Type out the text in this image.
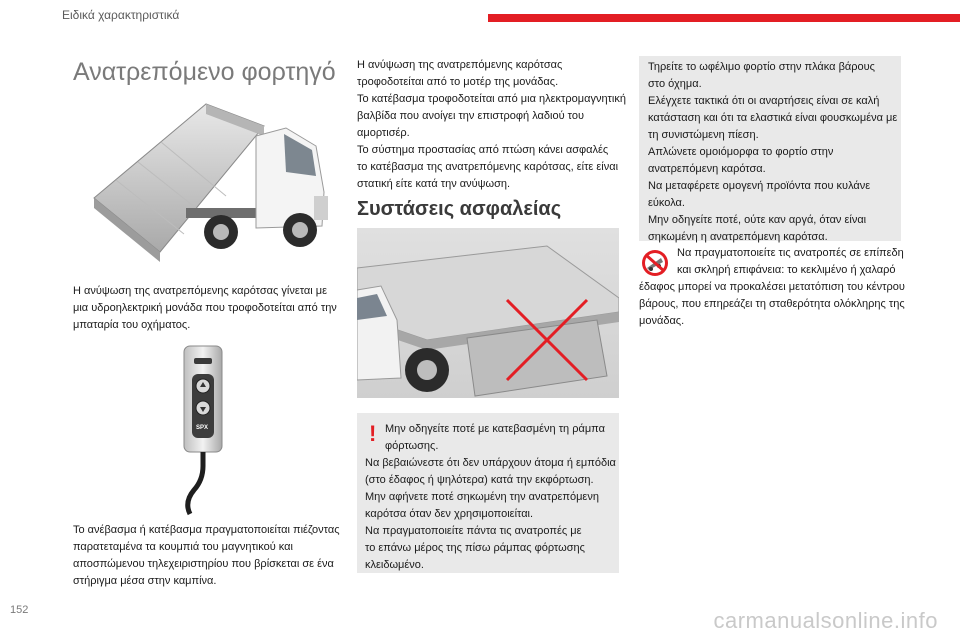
Ειδικά χαρακτηριστικά
Ανατρεπόμενο φορτηγό
Η ανύψωση της ανατρεπόμενης καρότσας γίνεται με
μια υδροηλεκτρική μονάδα που τροφοδοτείται από την
μπαταρία του οχήματος.
SPX
Το ανέβασμα ή κατέβασμα πραγματοποιείται πιέζοντας
παρατεταμένα τα κουμπιά του μαγνητικού και
αποσπώμενου τηλεχειριστηρίου που βρίσκεται σε ένα
στήριγμα μέσα στην καμπίνα.
Η ανύψωση της ανατρεπόμενης καρότσας
τροφοδοτείται από το μοτέρ της μονάδας.
Το κατέβασμα τροφοδοτείται από μια ηλεκτρομαγνητική
βαλβίδα που ανοίγει την επιστροφή λαδιού του
αμορτισέρ.
Το σύστημα προστασίας από πτώση κάνει ασφαλές
το κατέβασμα της ανατρεπόμενης καρότσας, είτε είναι
στατική είτε κατά την ανύψωση.
Συστάσεις ασφαλείας
! Μην οδηγείτε ποτέ με κατεβασμένη τη ράμπα
φόρτωσης.
Να βεβαιώνεστε ότι δεν υπάρχουν άτομα ή εμπόδια
(στο έδαφος ή ψηλότερα) κατά την εκφόρτωση.
Μην αφήνετε ποτέ σηκωμένη την ανατρεπόμενη
καρότσα όταν δεν χρησιμοποιείται.
Να πραγματοποιείτε πάντα τις ανατροπές με
το επάνω μέρος της πίσω ράμπας φόρτωσης
κλειδωμένο.
Τηρείτε το ωφέλιμο φορτίο στην πλάκα βάρους
στο όχημα.
Ελέγχετε τακτικά ότι οι αναρτήσεις είναι σε καλή
κατάσταση και ότι τα ελαστικά είναι φουσκωμένα με
τη συνιστώμενη πίεση.
Απλώνετε ομοιόμορφα το φορτίο στην
ανατρεπόμενη καρότσα.
Να μεταφέρετε ομογενή προϊόντα που κυλάνε
εύκολα.
Μην οδηγείτε ποτέ, ούτε καν αργά, όταν είναι
σηκωμένη η ανατρεπόμενη καρότσα.
Να πραγματοποιείτε τις ανατροπές σε επίπεδη
και σκληρή επιφάνεια: το κεκλιμένο ή χαλαρό
έδαφος μπορεί να προκαλέσει μετατόπιση του κέντρου
βάρους, που επηρεάζει τη σταθερότητα ολόκληρης της
μονάδας.
152	carmanualsonline.info
